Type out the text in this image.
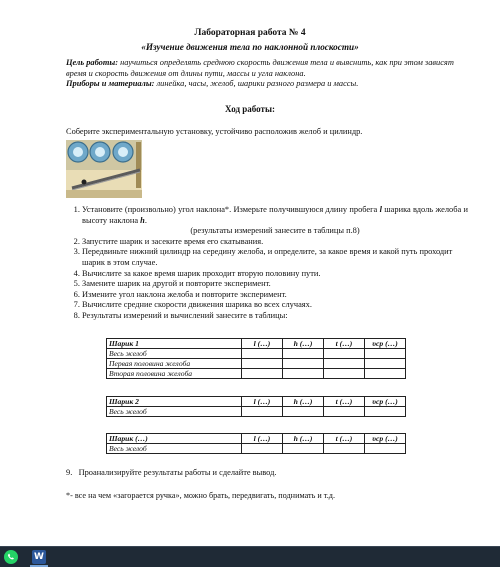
Лабораторная работа № 4
«Изучение движения тела по наклонной плоскости»
Цель работы: научиться определять среднюю скорость движения тела и выяснить, как при этом зависят время и скорость движения от длины пути, массы и угла наклона.
Приборы и материалы: линейка, часы, желоб, шарики разного размера и массы.
Ход работы:
Соберите экспериментальную установку, устойчиво расположив желоб и цилиндр.
1. Установите (произвольно) угол наклона*. Измерьте получившуюся длину пробега l шарика вдоль желоба и высоту наклона h.
(результаты измерений занесите в таблицы п.8)
2. Запустите шарик и засеките время его скатывания.
3. Передвиньте нижний цилиндр на середину желоба, и определите, за какое время и какой путь проходит шарик в этом случае.
4. Вычислите за какое время шарик проходит вторую половину пути.
5. Замените шарик на другой и повторите эксперимент.
6. Измените угол наклона желоба и повторите эксперимент.
7. Вычислите средние скорости движения шарика во всех случаях.
8. Результаты измерений и вычислений занесите в таблицы:
Шарик 1	l (…)	h (…)	t (…)	υср (…)
Весь желоб				
Первая половина желоба				
Вторая половина желоба				
Шарик 2	l (…)	h (…)	t (…)	υср (…)
Весь желоб				
Шарик (…)	l (…)	h (…)	t (…)	υср (…)
Весь желоб				
9. Проанализируйте результаты работы и сделайте вывод.
*- все на чем «загорается ручка», можно брать, передвигать, поднимать и т.д.
W
